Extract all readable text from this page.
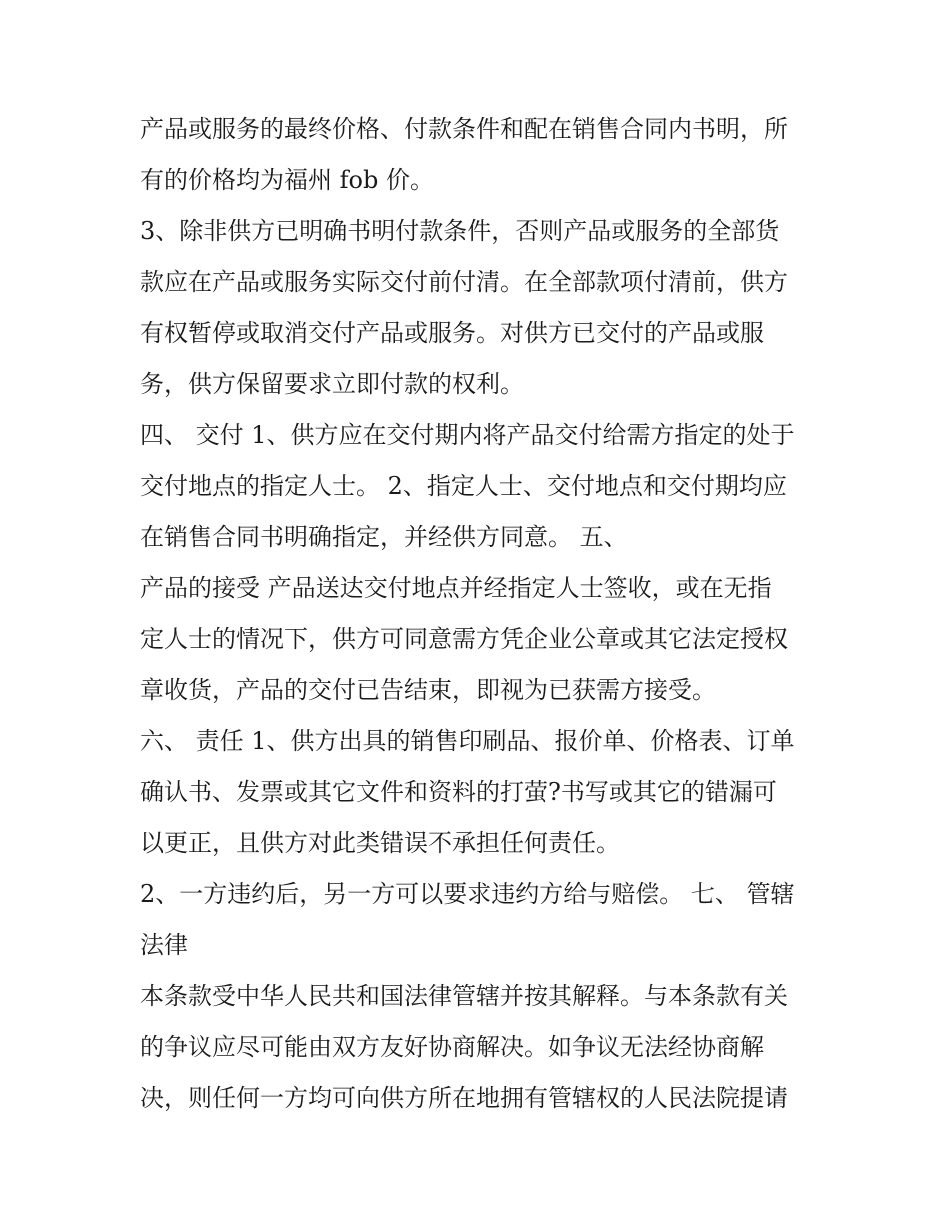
产品或服务的最终价格、付款条件和配在销售合同内书明，所
有的价格均为福州 fob 价。
3、除非供方已明确书明付款条件，否则产品或服务的全部货
款应在产品或服务实际交付前付清。在全部款项付清前，供方
有权暂停或取消交付产品或服务。对供方已交付的产品或服
务，供方保留要求立即付款的权利。
四、 交付 1、供方应在交付期内将产品交付给需方指定的处于
交付地点的指定人士。 2、指定人士、交付地点和交付期均应
在销售合同书明确指定，并经供方同意。 五、
产品的接受 产品送达交付地点并经指定人士签收，或在无指
定人士的情况下，供方可同意需方凭企业公章或其它法定授权
章收货，产品的交付已告结束，即视为已获需方接受。
六、 责任 1、供方出具的销售印刷品、报价单、价格表、订单
确认书、发票或其它文件和资料的打萤?书写或其它的错漏可
以更正，且供方对此类错误不承担任何责任。
2、一方违约后，另一方可以要求违约方给与赔偿。 七、 管辖
法律
本条款受中华人民共和国法律管辖并按其解释。与本条款有关
的争议应尽可能由双方友好协商解决。如争议无法经协商解
决，则任何一方均可向供方所在地拥有管辖权的人民法院提请
